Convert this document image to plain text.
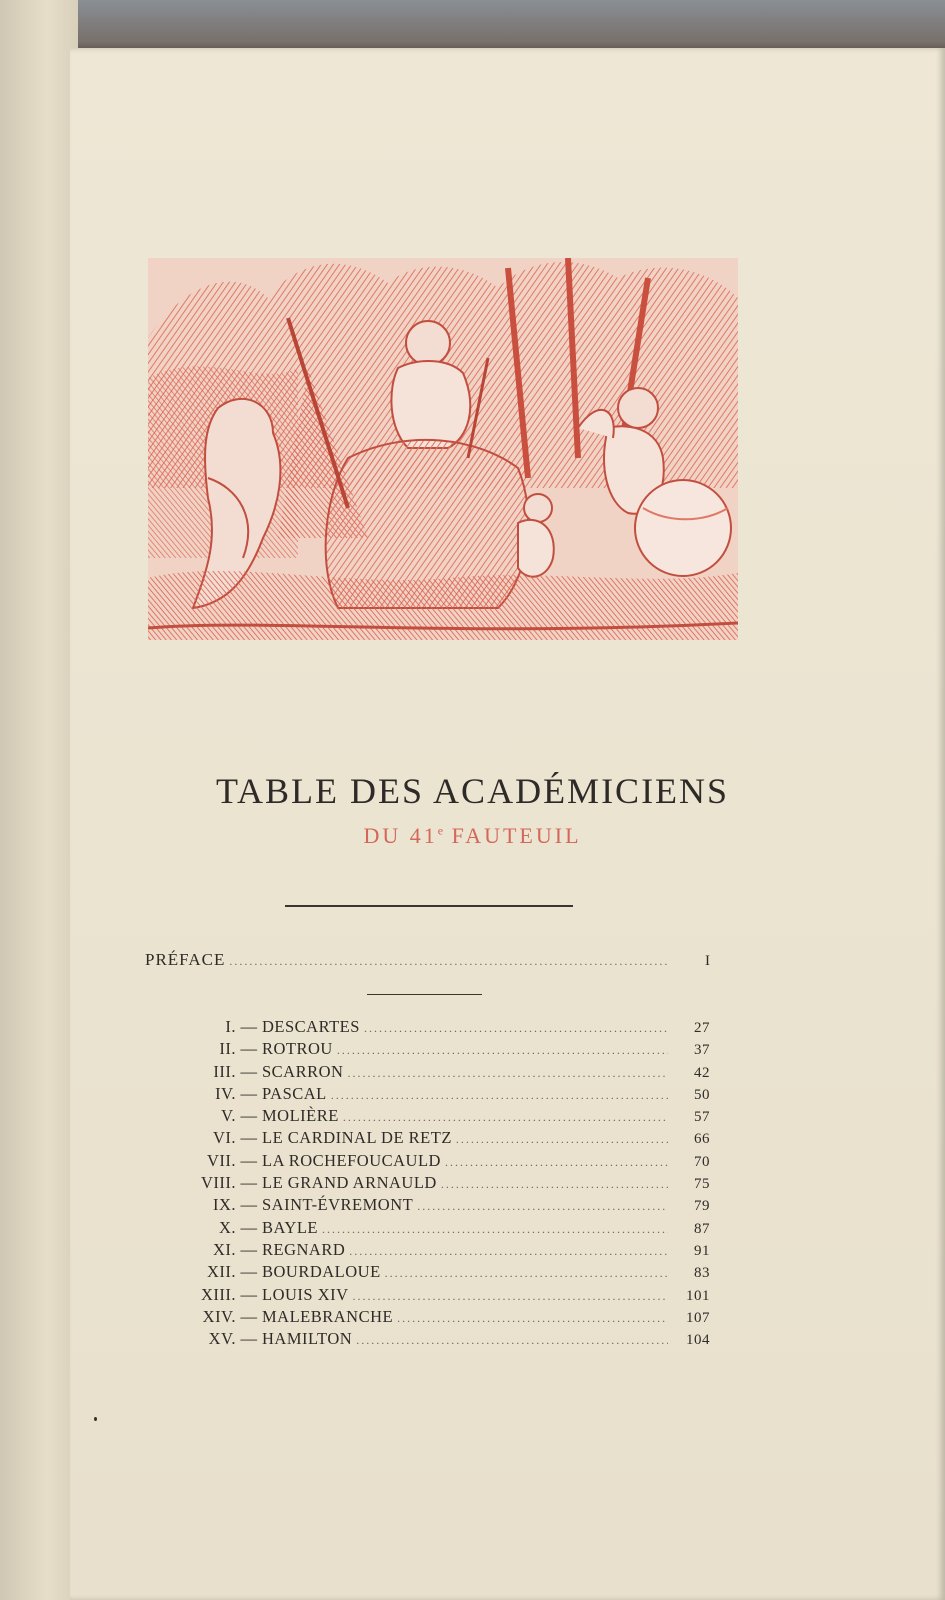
TABLE DES ACADÉMICIENS
DU 41e FAUTEUIL
PRÉFACE .....	I
I. — DESCARTES .....	27
II. — ROTROU .....	37
III. — SCARRON .....	42
IV. — PASCAL .....	50
V. — MOLIÈRE .....	57
VI. — LE CARDINAL DE RETZ .....	66
VII. — LA ROCHEFOUCAULD .....	70
VIII. — LE GRAND ARNAULD .....	75
IX. — SAINT-ÉVREMONT .....	79
X. — BAYLE .....	87
XI. — REGNARD .....	91
XII. — BOURDALOUE .....	83
XIII. — LOUIS XIV .....	101
XIV. — MALEBRANCHE .....	107
XV. — HAMILTON .....	104
